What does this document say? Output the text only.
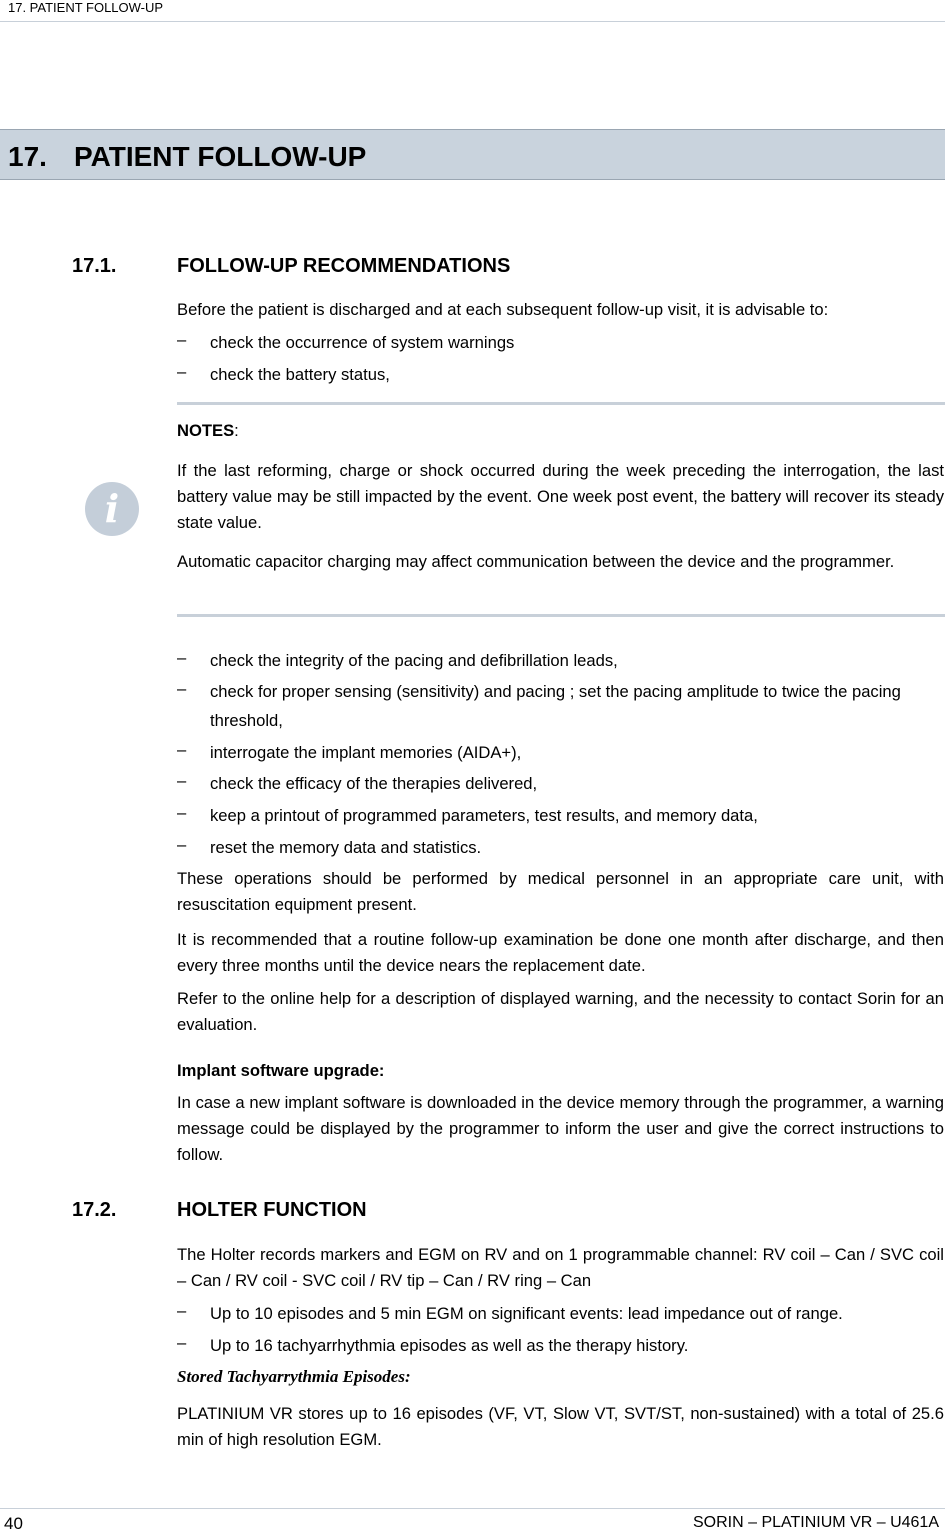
17. PATIENT FOLLOW-UP
17. PATIENT FOLLOW-UP
17.1.	FOLLOW-UP RECOMMENDATIONS
Before the patient is discharged and at each subsequent follow-up visit, it is advisable to:
– check the occurrence of system warnings
– check the battery status,
i
NOTES:
If the last reforming, charge or shock occurred during the week preceding the interrogation, the last battery value may be still impacted by the event. One week post event, the battery will recover its steady state value.
Automatic capacitor charging may affect communication between the device and the programmer.
– check the integrity of the pacing and defibrillation leads,
– check for proper sensing (sensitivity) and pacing ; set the pacing amplitude to twice the pacing threshold,
– interrogate the implant memories (AIDA+),
– check the efficacy of the therapies delivered,
– keep a printout of programmed parameters, test results, and memory data,
– reset the memory data and statistics.
These operations should be performed by medical personnel in an appropriate care unit, with resuscitation equipment present.
It is recommended that a routine follow-up examination be done one month after discharge, and then every three months until the device nears the replacement date.
Refer to the online help for a description of displayed warning, and the necessity to contact Sorin for an evaluation.
Implant software upgrade:
In case a new implant software is downloaded in the device memory through the programmer, a warning message could be displayed by the programmer to inform the user and give the correct instructions to follow.
17.2.	HOLTER FUNCTION
The Holter records markers and EGM on RV and on 1 programmable channel: RV coil – Can / SVC coil – Can / RV coil - SVC coil / RV tip – Can / RV ring – Can
– Up to 10 episodes and 5 min EGM on significant events: lead impedance out of range.
– Up to 16 tachyarrhythmia episodes as well as the therapy history.
Stored Tachyarrythmia Episodes:
PLATINIUM VR stores up to 16 episodes (VF, VT, Slow VT, SVT/ST, non-sustained) with a total of 25.6 min of high resolution EGM.
40	SORIN – PLATINIUM VR – U461A
